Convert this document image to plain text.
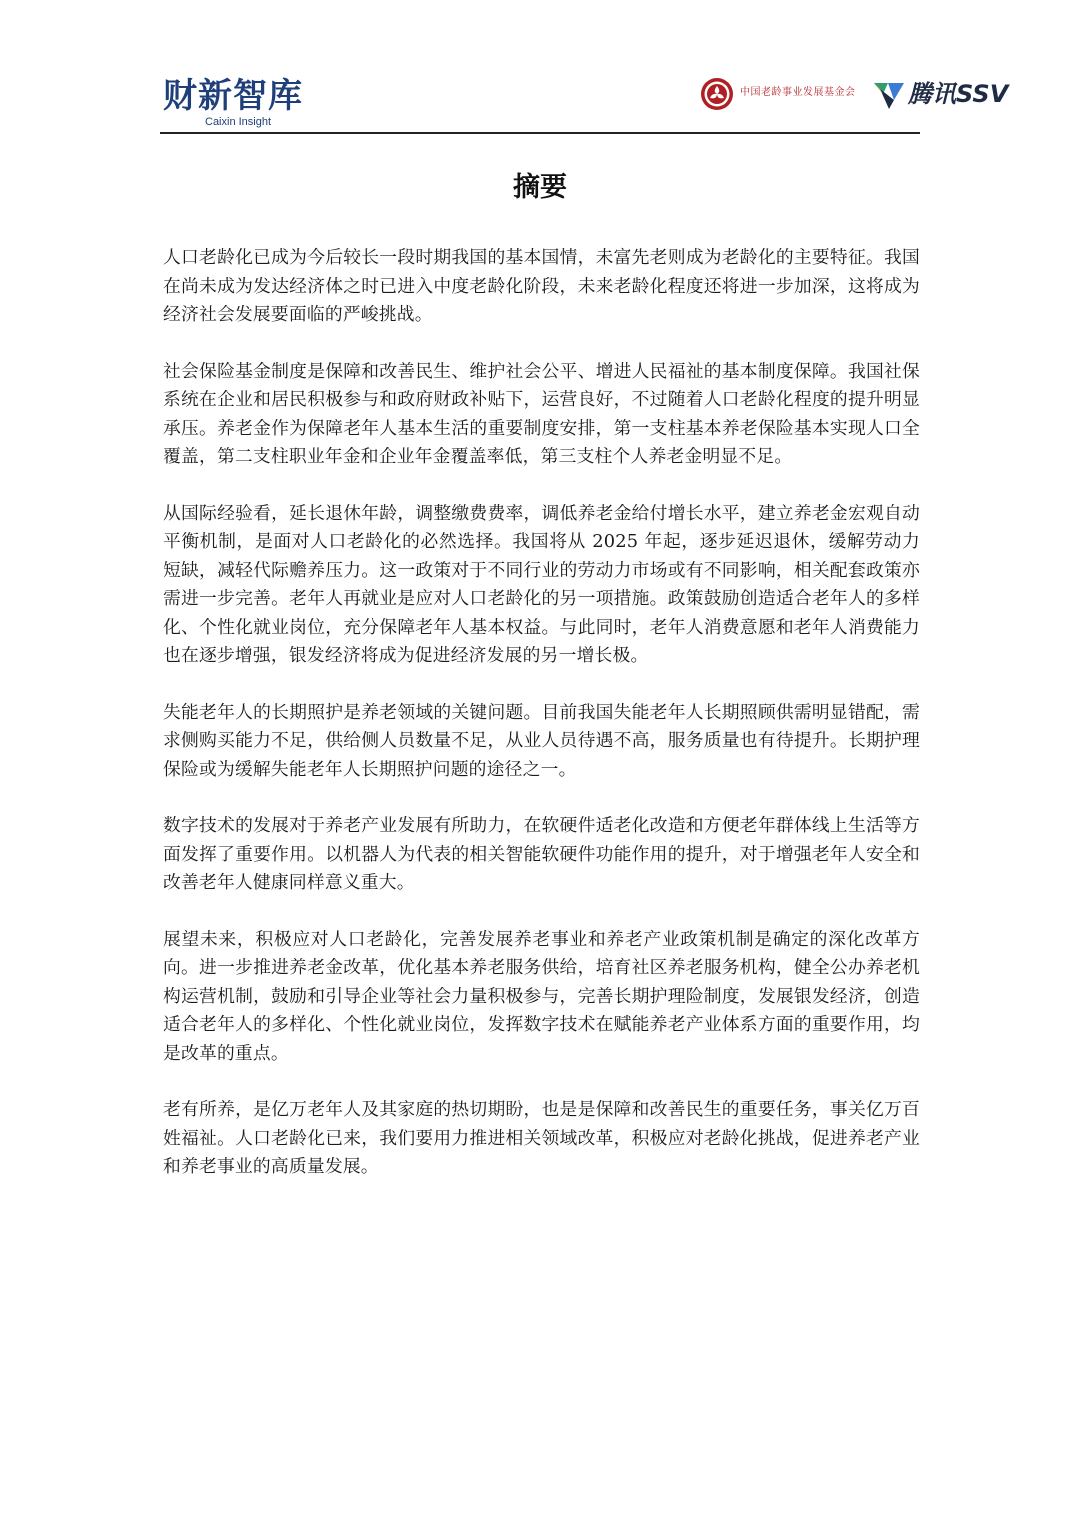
财新智库
Caixin Insight
中国老龄事业发展基金会 腾讯SSV
摘要

人口老龄化已成为今后较长一段时期我国的基本国情，未富先老则成为老龄化的主要特征。我国在尚未成为发达经济体之时已进入中度老龄化阶段，未来老龄化程度还将进一步加深，这将成为经济社会发展要面临的严峻挑战。

社会保险基金制度是保障和改善民生、维护社会公平、增进人民福祉的基本制度保障。我国社保系统在企业和居民积极参与和政府财政补贴下，运营良好，不过随着人口老龄化程度的提升明显承压。养老金作为保障老年人基本生活的重要制度安排，第一支柱基本养老保险基本实现人口全覆盖，第二支柱职业年金和企业年金覆盖率低，第三支柱个人养老金明显不足。

从国际经验看，延长退休年龄，调整缴费费率，调低养老金给付增长水平，建立养老金宏观自动平衡机制，是面对人口老龄化的必然选择。我国将从 2025 年起，逐步延迟退休，缓解劳动力短缺，减轻代际赡养压力。这一政策对于不同行业的劳动力市场或有不同影响，相关配套政策亦需进一步完善。老年人再就业是应对人口老龄化的另一项措施。政策鼓励创造适合老年人的多样化、个性化就业岗位，充分保障老年人基本权益。与此同时，老年人消费意愿和老年人消费能力也在逐步增强，银发经济将成为促进经济发展的另一增长极。

失能老年人的长期照护是养老领域的关键问题。目前我国失能老年人长期照顾供需明显错配，需求侧购买能力不足，供给侧人员数量不足，从业人员待遇不高，服务质量也有待提升。长期护理保险或为缓解失能老年人长期照护问题的途径之一。

数字技术的发展对于养老产业发展有所助力，在软硬件适老化改造和方便老年群体线上生活等方面发挥了重要作用。以机器人为代表的相关智能软硬件功能作用的提升，对于增强老年人安全和改善老年人健康同样意义重大。

展望未来，积极应对人口老龄化，完善发展养老事业和养老产业政策机制是确定的深化改革方向。进一步推进养老金改革，优化基本养老服务供给，培育社区养老服务机构，健全公办养老机构运营机制，鼓励和引导企业等社会力量积极参与，完善长期护理险制度，发展银发经济，创造适合老年人的多样化、个性化就业岗位，发挥数字技术在赋能养老产业体系方面的重要作用，均是改革的重点。

老有所养，是亿万老年人及其家庭的热切期盼，也是是保障和改善民生的重要任务，事关亿万百姓福祉。人口老龄化已来，我们要用力推进相关领域改革，积极应对老龄化挑战，促进养老产业和养老事业的高质量发展。
